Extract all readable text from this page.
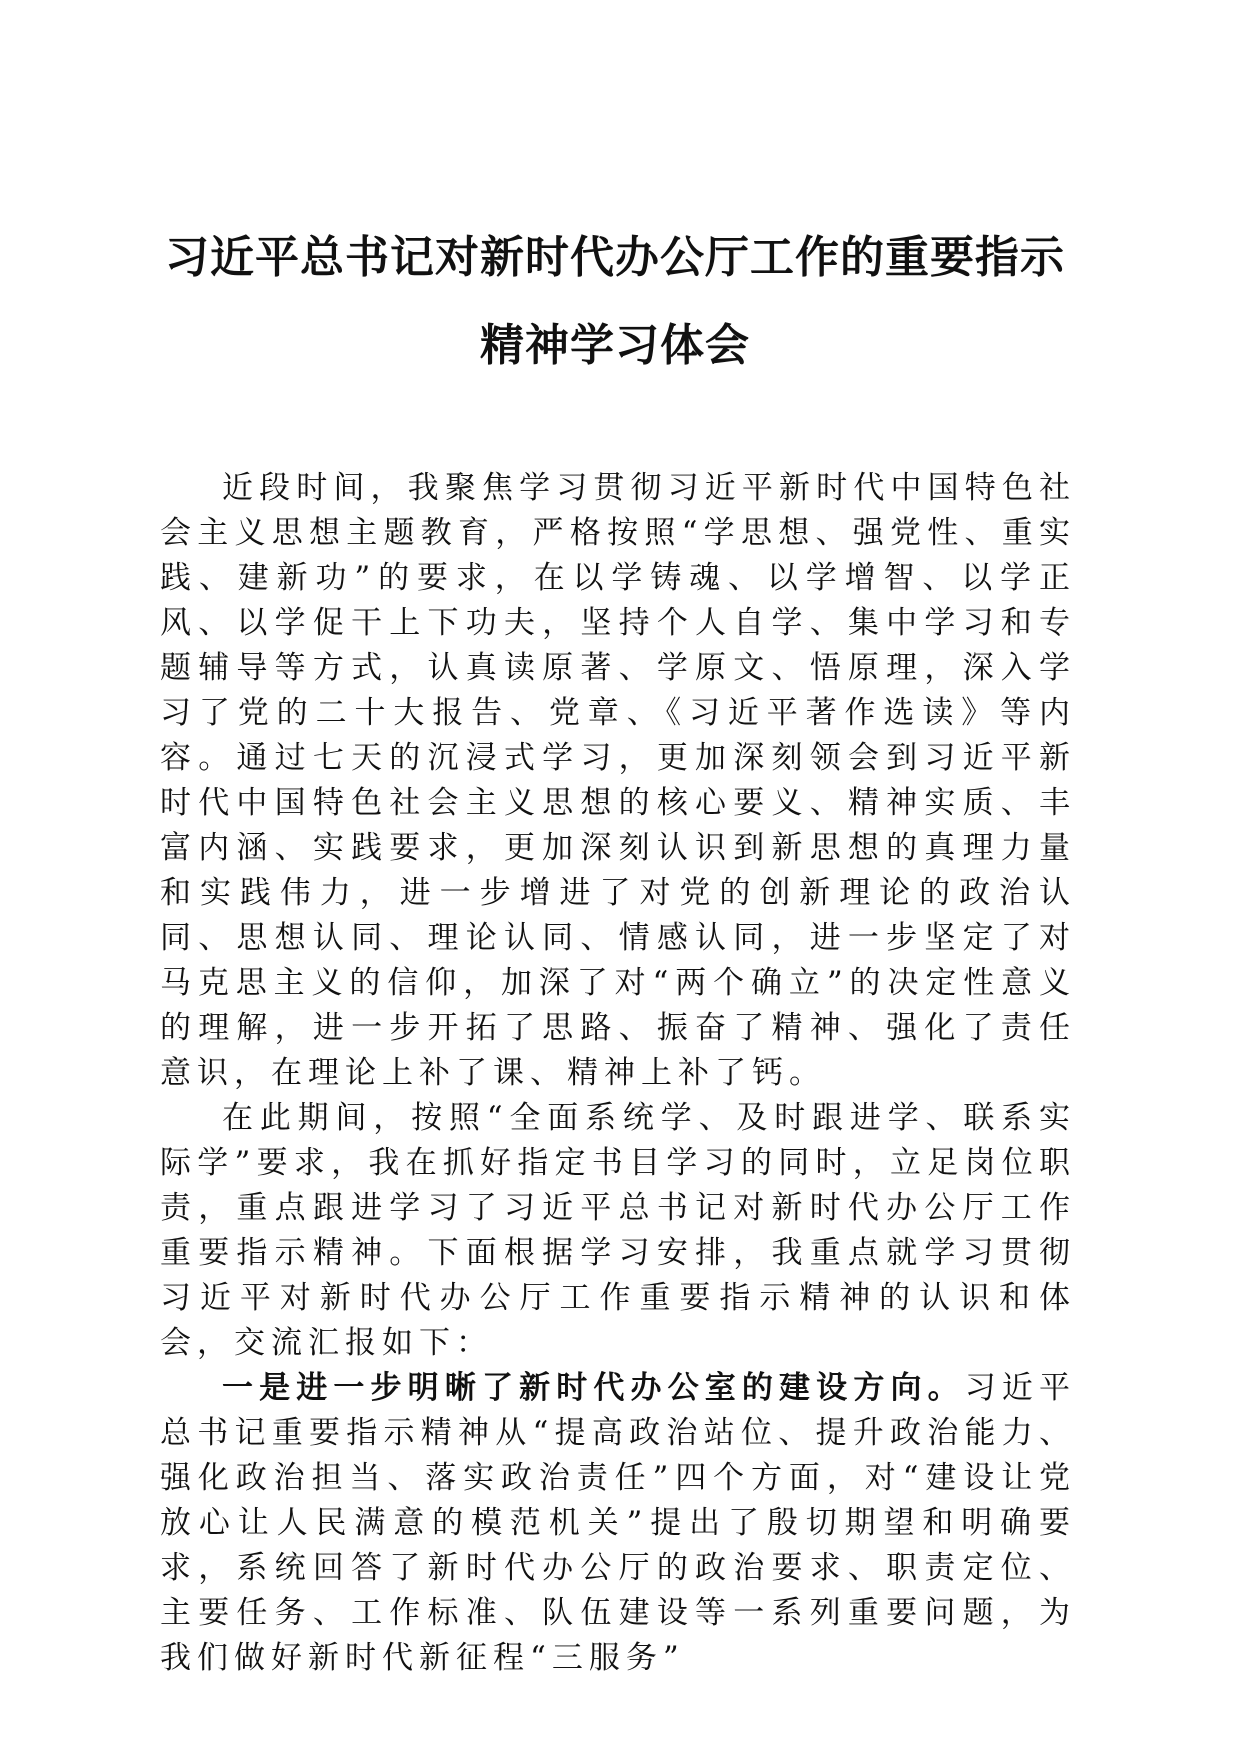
习近平总书记对新时代办公厅工作的重要指示
精神学习体会

近段时间，我聚焦学习贯彻习近平新时代中国特色社会主义思想主题教育，严格按照“学思想、强党性、重实践、建新功”的要求，在以学铸魂、以学增智、以学正风、以学促干上下功夫，坚持个人自学、集中学习和专题辅导等方式，认真读原著、学原文、悟原理，深入学习了党的二十大报告、党章、《习近平著作选读》等内容。通过七天的沉浸式学习，更加深刻领会到习近平新时代中国特色社会主义思想的核心要义、精神实质、丰富内涵、实践要求，更加深刻认识到新思想的真理力量和实践伟力，进一步增进了对党的创新理论的政治认同、思想认同、理论认同、情感认同，进一步坚定了对马克思主义的信仰，加深了对“两个确立”的决定性意义的理解，进一步开拓了思路、振奋了精神、强化了责任意识，在理论上补了课、精神上补了钙。

在此期间，按照“全面系统学、及时跟进学、联系实际学”要求，我在抓好指定书目学习的同时，立足岗位职责，重点跟进学习了习近平总书记对新时代办公厅工作重要指示精神。下面根据学习安排，我重点就学习贯彻习近平对新时代办公厅工作重要指示精神的认识和体会，交流汇报如下：

一是进一步明晰了新时代办公室的建设方向。习近平总书记重要指示精神从“提高政治站位、提升政治能力、强化政治担当、落实政治责任”四个方面，对“建设让党放心让人民满意的模范机关”提出了殷切期望和明确要求，系统回答了新时代办公厅的政治要求、职责定位、主要任务、工作标准、队伍建设等一系列重要问题，为我们做好新时代新征程“三服务”
